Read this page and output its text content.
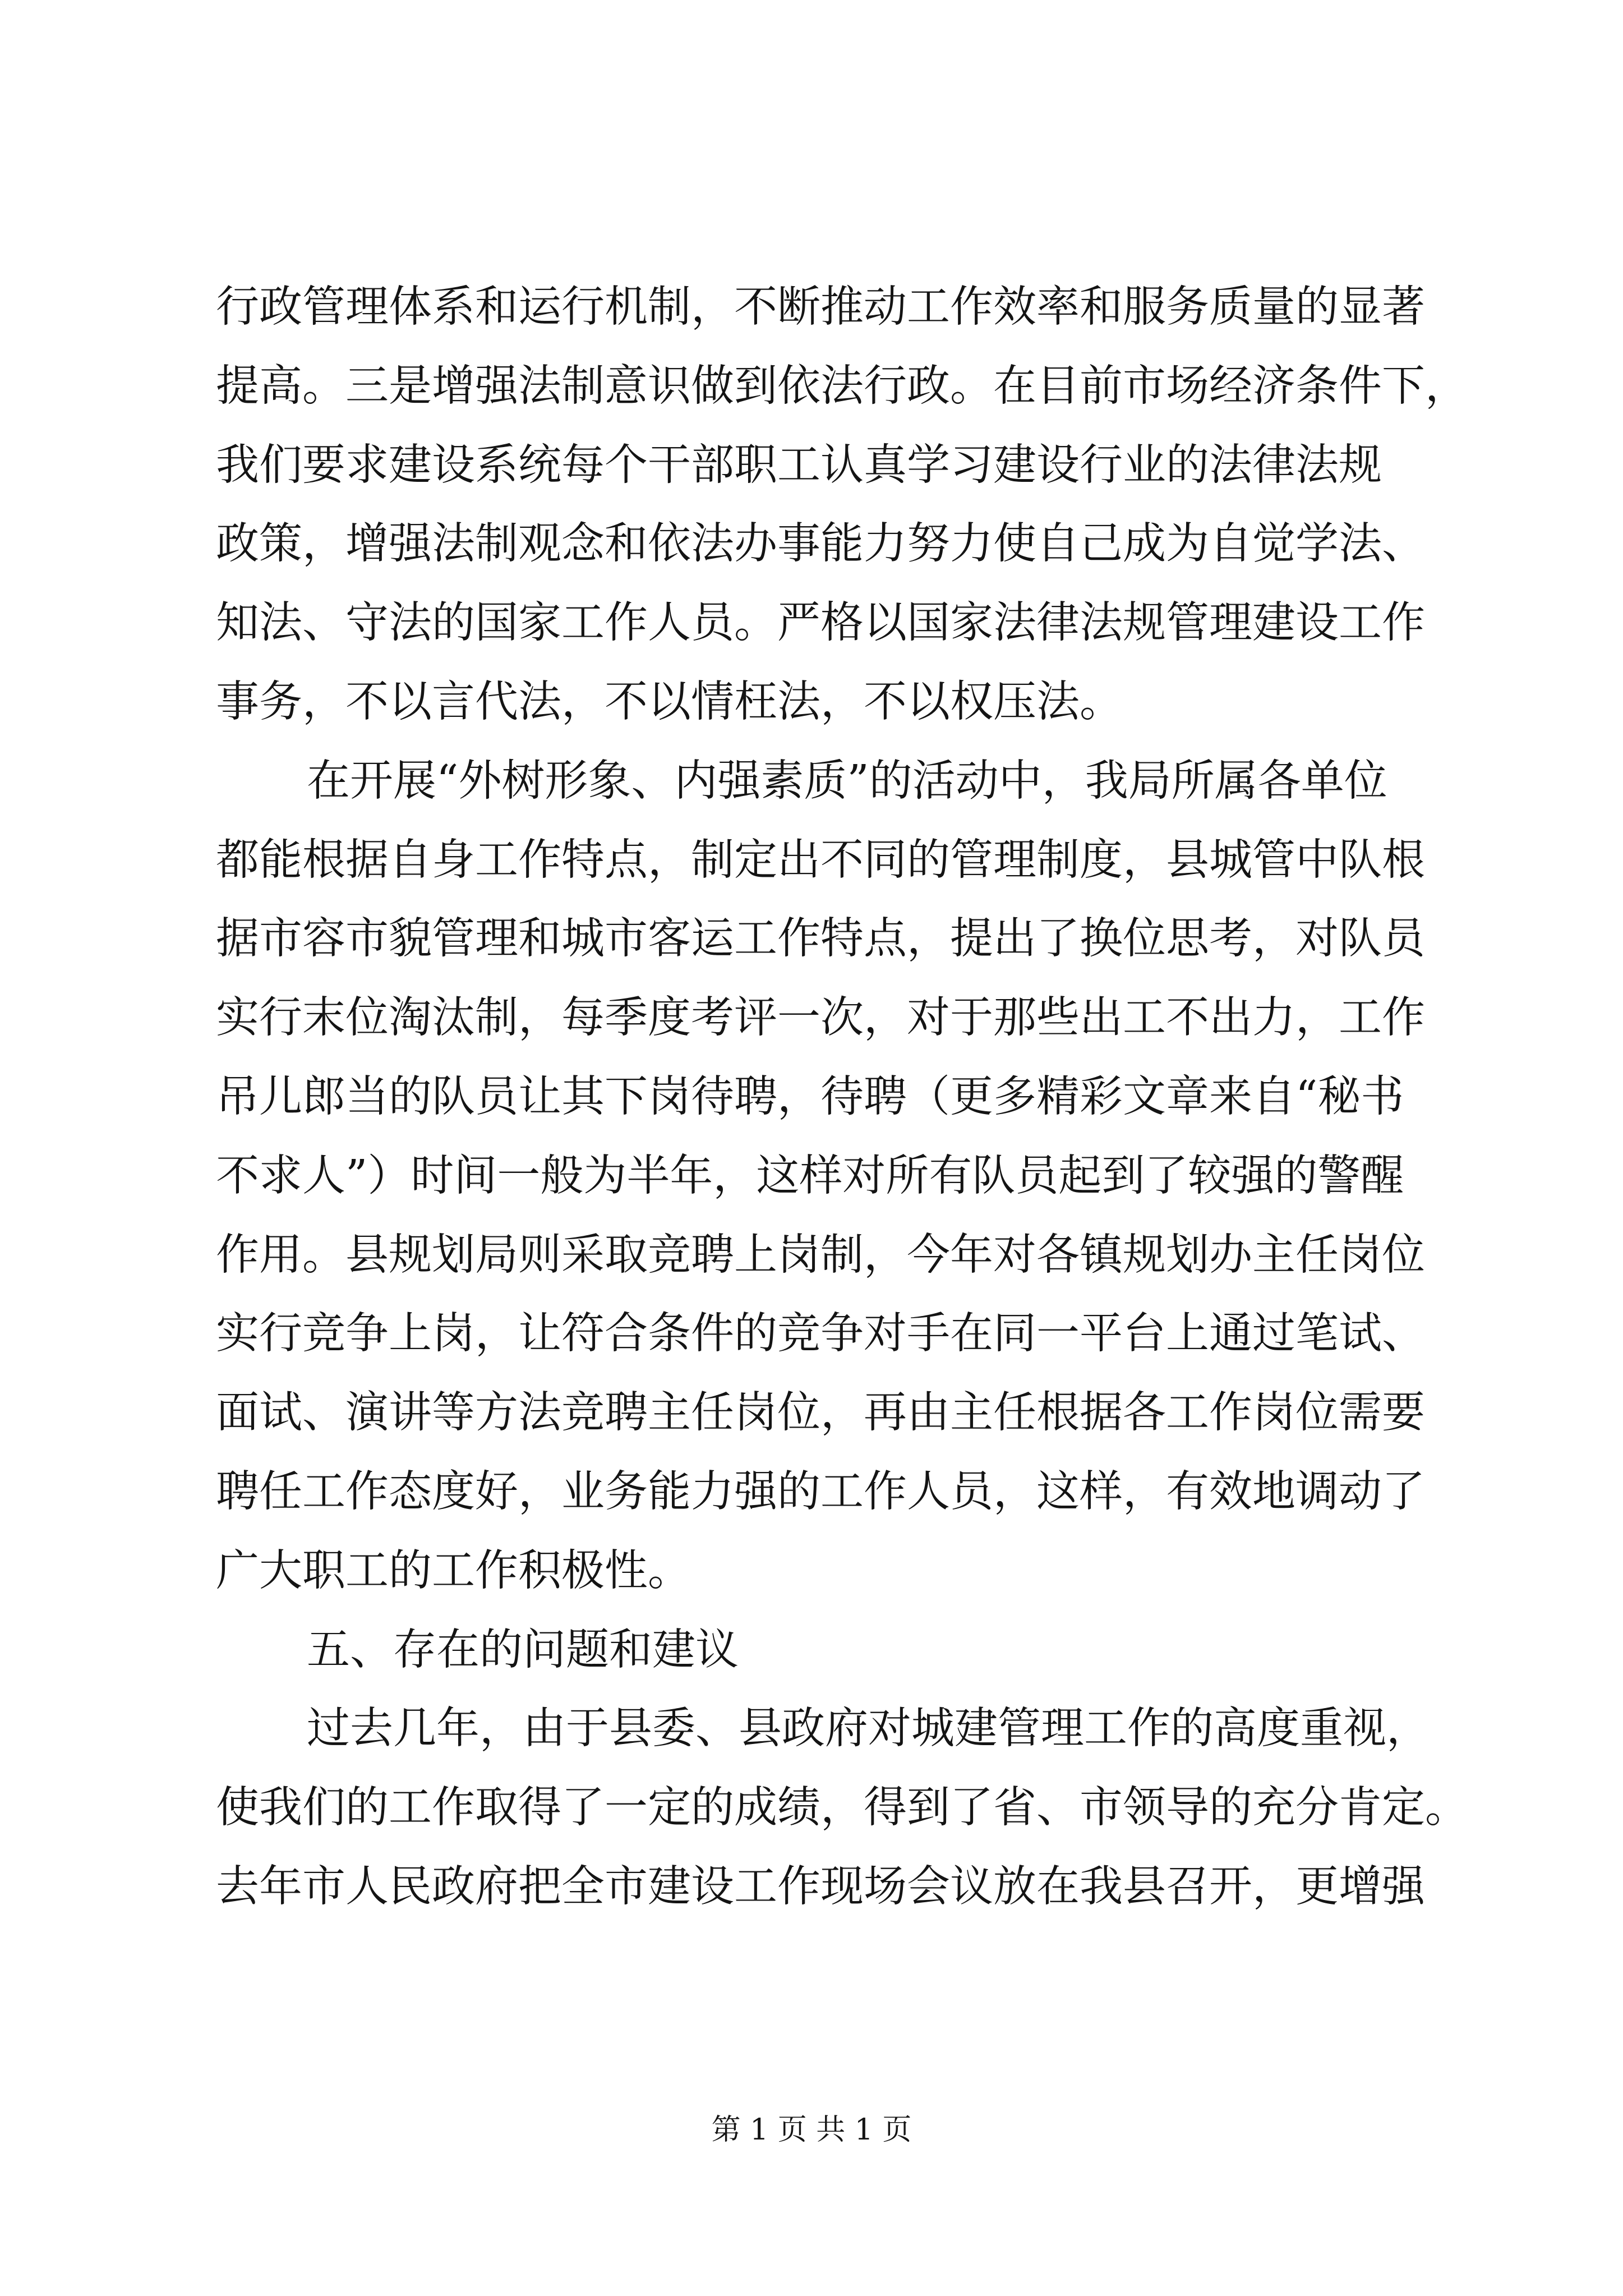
行政管理体系和运行机制，不断推动工作效率和服务质量的显著
提高。三是增强法制意识做到依法行政。在目前市场经济条件下，
我们要求建设系统每个干部职工认真学习建设行业的法律法规
政策，增强法制观念和依法办事能力努力使自己成为自觉学法、
知法、守法的国家工作人员。严格以国家法律法规管理建设工作
事务，不以言代法，不以情枉法，不以权压法。
在开展“外树形象、内强素质”的活动中，我局所属各单位
都能根据自身工作特点，制定出不同的管理制度，县城管中队根
据市容市貌管理和城市客运工作特点，提出了换位思考，对队员
实行末位淘汰制，每季度考评一次，对于那些出工不出力，工作
吊儿郎当的队员让其下岗待聘，待聘（更多精彩文章来自“秘书
不求人”）时间一般为半年，这样对所有队员起到了较强的警醒
作用。县规划局则采取竞聘上岗制，今年对各镇规划办主任岗位
实行竞争上岗，让符合条件的竞争对手在同一平台上通过笔试、
面试、演讲等方法竞聘主任岗位，再由主任根据各工作岗位需要
聘任工作态度好，业务能力强的工作人员，这样，有效地调动了
广大职工的工作积极性。
五、存在的问题和建议
过去几年，由于县委、县政府对城建管理工作的高度重视，
使我们的工作取得了一定的成绩，得到了省、市领导的充分肯定。
去年市人民政府把全市建设工作现场会议放在我县召开，更增强
第 1 页 共 1 页
